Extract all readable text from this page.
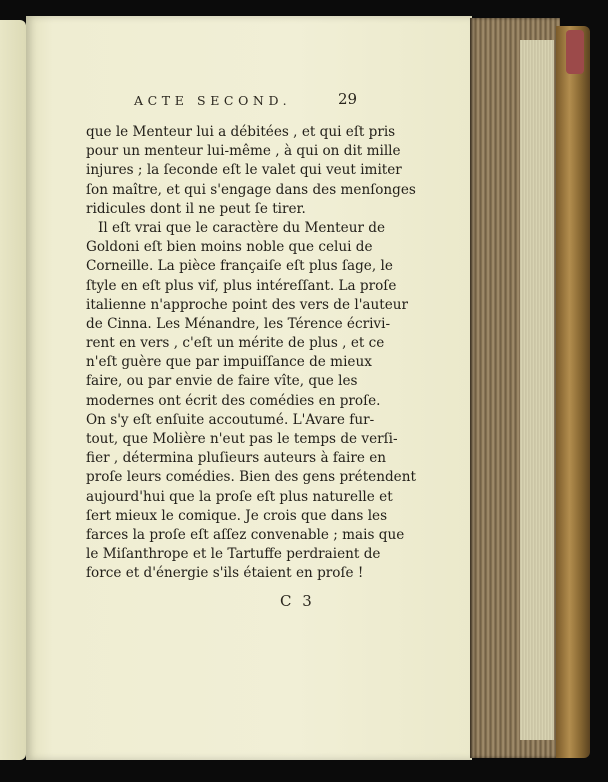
ACTE SECOND.	29
que le Menteur lui a débitées , et qui eſt pris
pour un menteur lui-même , à qui on dit mille
injures ; la ſeconde eſt le valet qui veut imiter
ſon maître, et qui s'engage dans des menſonges
ridicules dont il ne peut ſe tirer.
Il eſt vrai que le caractère du Menteur de
Goldoni eſt bien moins noble que celui de
Corneille. La pièce françaiſe eſt plus ſage, le
ſtyle en eſt plus vif, plus intéreſſant. La proſe
italienne n'approche point des vers de l'auteur
de Cinna. Les Ménandre, les Térence écrivi-
rent en vers , c'eſt un mérite de plus , et ce
n'eſt guère que par impuiſſance de mieux
faire, ou par envie de faire vîte, que les
modernes ont écrit des comédies en proſe.
On s'y eſt enſuite accoutumé. L'Avare fur-
tout, que Molière n'eut pas le temps de verſi-
fier , détermina pluſieurs auteurs à faire en
proſe leurs comédies. Bien des gens prétendent
aujourd'hui que la proſe eſt plus naturelle et
ſert mieux le comique. Je crois que dans les
farces la proſe eſt aſſez convenable ; mais que
le Miſanthrope et le Tartuffe perdraient de
force et d'énergie s'ils étaient en proſe !
C 3
